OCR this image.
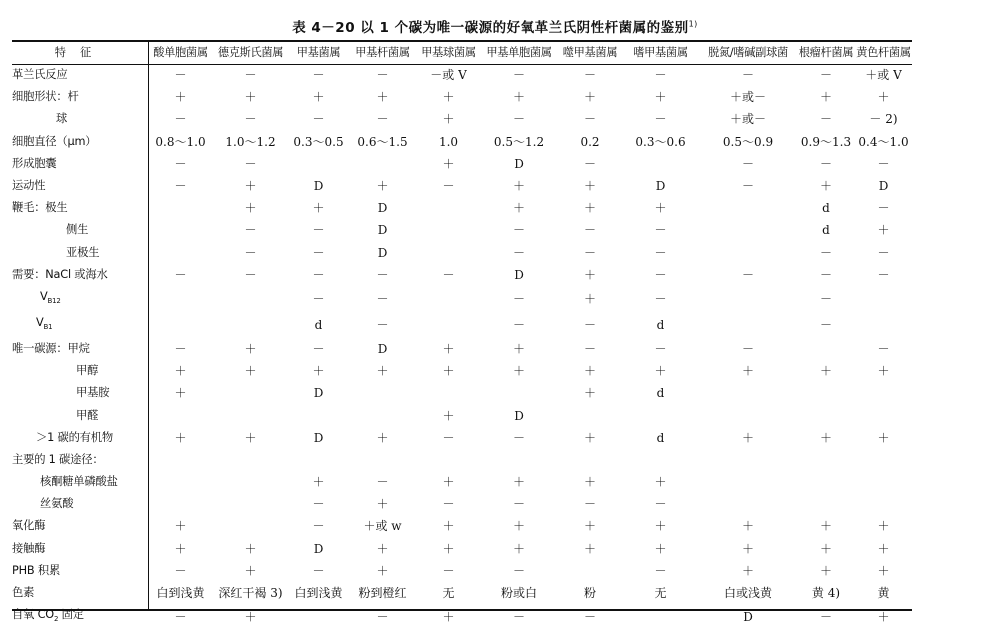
表 4－20 以 1 个碳为唯一碳源的好氧革兰氏阴性杆菌属的鉴别$^{1)}$
特征	酸单胞菌属	德克斯氏菌属	甲基菌属	甲基杆菌属	甲基球菌属	甲基单胞菌属	噬甲基菌属	嗜甲基菌属	脱氮/嗜碱副球菌	根瘤杆菌属	黄色杆菌属
革兰氏反应	－	－	－	－	－或 V	－	－	－	－	－	＋或 V
细胞形状：杆	＋	＋	＋	＋	＋	＋	＋	＋	＋或－	＋	＋
球	－	－	－	－	＋	－	－	－	＋或－	－	－ 2)
细胞直径（μm）	0.8～1.0	1.0～1.2	0.3～0.5	0.6～1.5	1.0	0.5～1.2	0.2	0.3～0.6	0.5～0.9	0.9～1.3	0.4～1.0
形成胞囊	－	－			＋	D	－		－	－	－
运动性	－	＋	D	＋	－	＋	＋	D	－	＋	D
鞭毛：极生		＋	＋	D		＋	＋	＋		d	－
侧生		－	－	D		－	－	－		d	＋
亚极生		－	－	D		－	－	－		－	－
需要：NaCl 或海水	－	－	－	－	－	D	＋	－	－	－	－
$V_{B12}$			－	－		－	＋	－		－	
$V_{B1}$			d	－		－	－	d		－	
唯一碳源：甲烷	－	＋	－	D	＋	＋	－	－	－		－
甲醇	＋	＋	＋	＋	＋	＋	＋	＋	＋	＋	＋
甲基胺	＋		D				＋	d			
甲醛					＋	D					
＞1 碳的有机物	＋	＋	D	＋	－	－	＋	d	＋	＋	＋
主要的 1 碳途径：											
核酮糖单磷酸盐			＋	－	＋	＋	＋	＋			
丝氨酸			－	＋	－	－	－	－			
氧化酶	＋		－	＋或 w	＋	＋	＋	＋	＋	＋	＋
接触酶	＋	＋	D	＋	＋	＋	＋	＋	＋	＋	＋
PHB 积累	－	＋	－	＋	－	－		－	＋	＋	＋
色素	白到浅黄	深红干褐 3)	白到浅黄	粉到橙红	无	粉或白	粉	无	白或浅黄	黄 4)	黄
自氧 $CO_2$ 固定	－	＋		－	＋	－	－		D	－	＋
